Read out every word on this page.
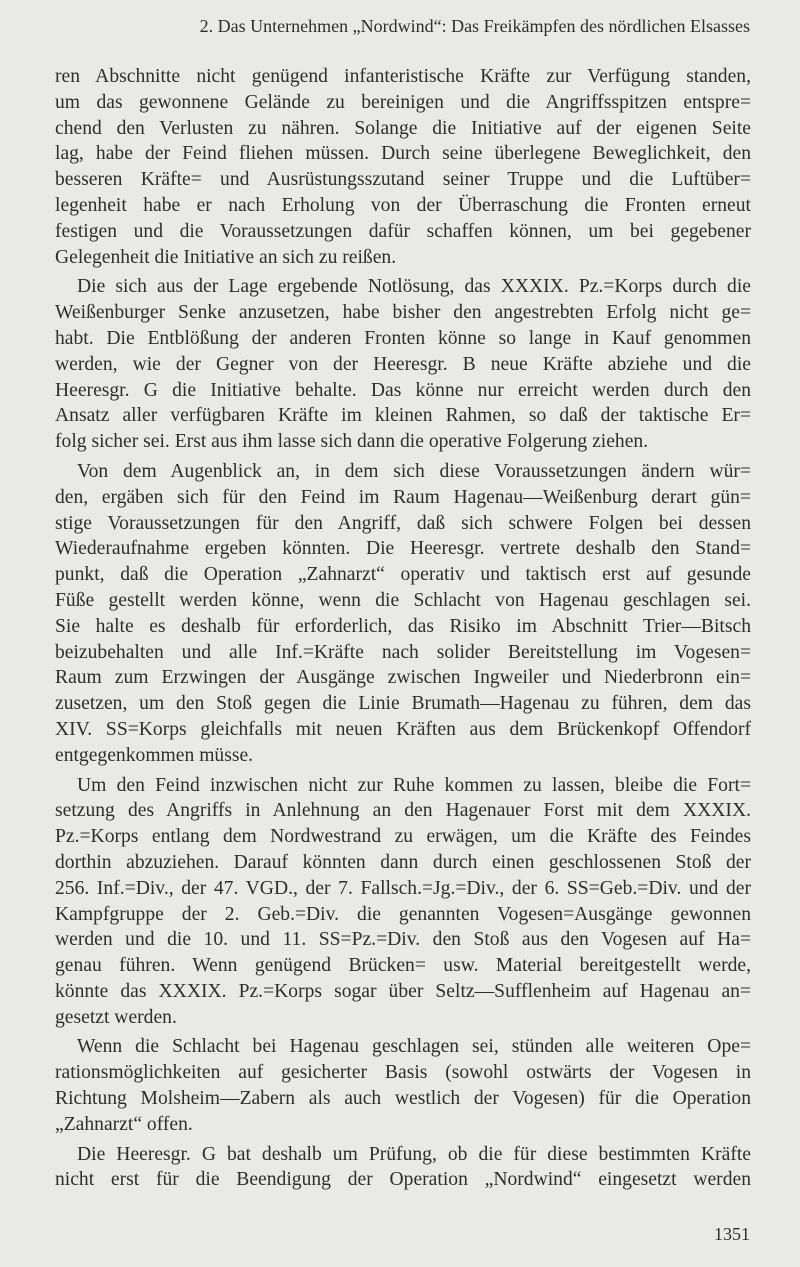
2. Das Unternehmen „Nordwind“: Das Freikämpfen des nördlichen Elsasses
ren Abschnitte nicht genügend infanteristische Kräfte zur Verfügung standen,
um das gewonnene Gelände zu bereinigen und die Angriffsspitzen entspre=
chend den Verlusten zu nähren. Solange die Initiative auf der eigenen Seite
lag, habe der Feind fliehen müssen. Durch seine überlegene Beweglichkeit, den
besseren Kräfte= und Ausrüstungsszutand seiner Truppe und die Luftüber=
legenheit habe er nach Erholung von der Überraschung die Fronten erneut
festigen und die Voraussetzungen dafür schaffen können, um bei gegebener
Gelegenheit die Initiative an sich zu reißen.
Die sich aus der Lage ergebende Notlösung, das XXXIX. Pz.=Korps durch die
Weißenburger Senke anzusetzen, habe bisher den angestrebten Erfolg nicht ge=
habt. Die Entblößung der anderen Fronten könne so lange in Kauf genommen
werden, wie der Gegner von der Heeresgr. B neue Kräfte abziehe und die
Heeresgr. G die Initiative behalte. Das könne nur erreicht werden durch den
Ansatz aller verfügbaren Kräfte im kleinen Rahmen, so daß der taktische Er=
folg sicher sei. Erst aus ihm lasse sich dann die operative Folgerung ziehen.
Von dem Augenblick an, in dem sich diese Voraussetzungen ändern wür=
den, ergäben sich für den Feind im Raum Hagenau—Weißenburg derart gün=
stige Voraussetzungen für den Angriff, daß sich schwere Folgen bei dessen
Wiederaufnahme ergeben könnten. Die Heeresgr. vertrete deshalb den Stand=
punkt, daß die Operation „Zahnarzt“ operativ und taktisch erst auf gesunde
Füße gestellt werden könne, wenn die Schlacht von Hagenau geschlagen sei.
Sie halte es deshalb für erforderlich, das Risiko im Abschnitt Trier—Bitsch
beizubehalten und alle Inf.=Kräfte nach solider Bereitstellung im Vogesen=
Raum zum Erzwingen der Ausgänge zwischen Ingweiler und Niederbronn ein=
zusetzen, um den Stoß gegen die Linie Brumath—Hagenau zu führen, dem das
XIV. SS=Korps gleichfalls mit neuen Kräften aus dem Brückenkopf Offendorf
entgegenkommen müsse.
Um den Feind inzwischen nicht zur Ruhe kommen zu lassen, bleibe die Fort=
setzung des Angriffs in Anlehnung an den Hagenauer Forst mit dem XXXIX.
Pz.=Korps entlang dem Nordwestrand zu erwägen, um die Kräfte des Feindes
dorthin abzuziehen. Darauf könnten dann durch einen geschlossenen Stoß der
256. Inf.=Div., der 47. VGD., der 7. Fallsch.=Jg.=Div., der 6. SS=Geb.=Div. und der
Kampfgruppe der 2. Geb.=Div. die genannten Vogesen=Ausgänge gewonnen
werden und die 10. und 11. SS=Pz.=Div. den Stoß aus den Vogesen auf Ha=
genau führen. Wenn genügend Brücken= usw. Material bereitgestellt werde,
könnte das XXXIX. Pz.=Korps sogar über Seltz—Sufflenheim auf Hagenau an=
gesetzt werden.
Wenn die Schlacht bei Hagenau geschlagen sei, stünden alle weiteren Ope=
rationsmöglichkeiten auf gesicherter Basis (sowohl ostwärts der Vogesen in
Richtung Molsheim—Zabern als auch westlich der Vogesen) für die Operation
„Zahnarzt“ offen.
Die Heeresgr. G bat deshalb um Prüfung, ob die für diese bestimmten Kräfte
nicht erst für die Beendigung der Operation „Nordwind“ eingesetzt werden
1351
